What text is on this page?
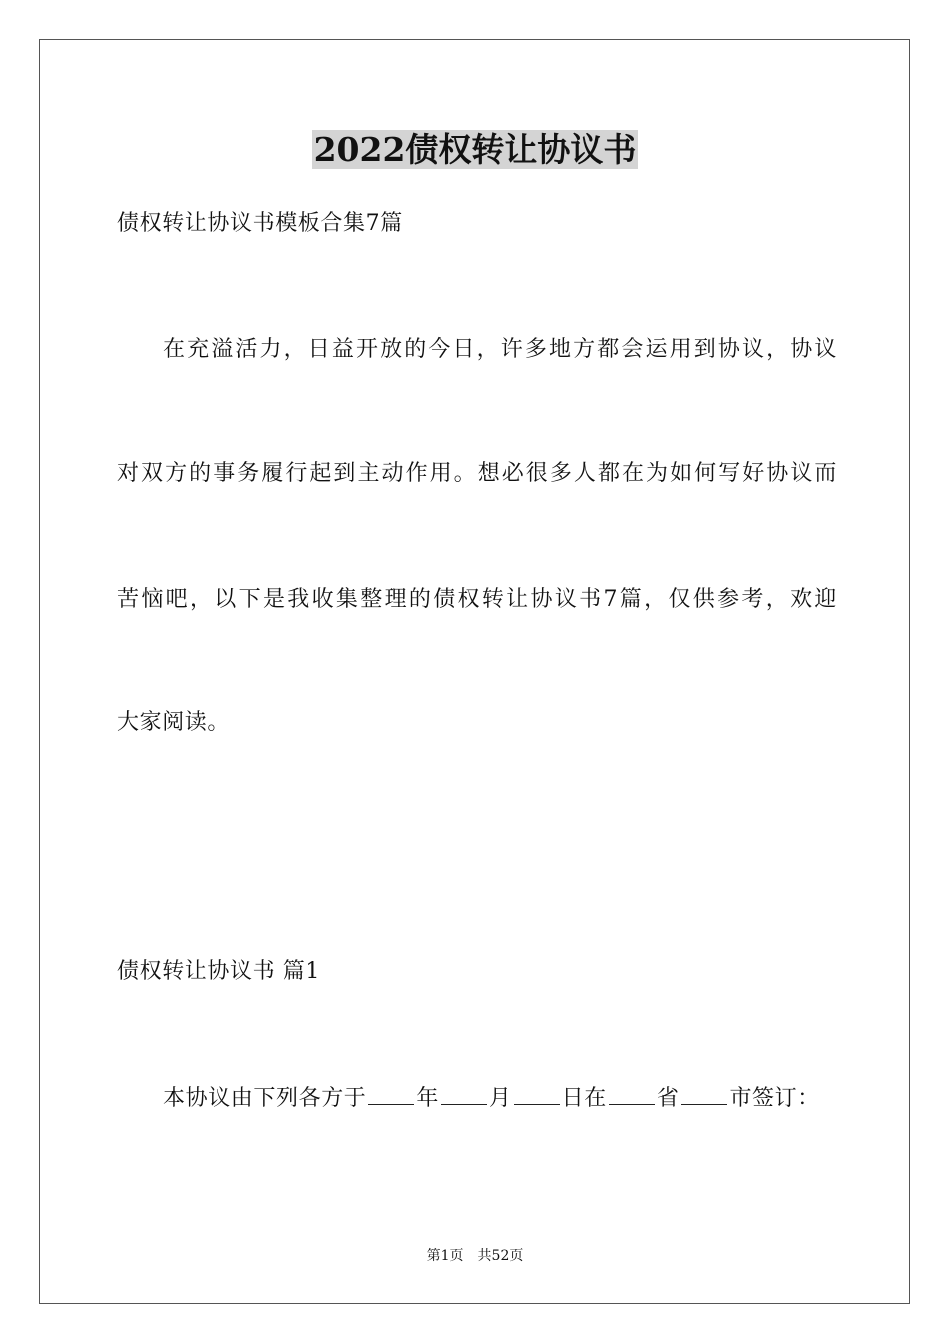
2022债权转让协议书
债权转让协议书模板合集7篇
在充溢活力，日益开放的今日，许多地方都会运用到协议，协议
对双方的事务履行起到主动作用。想必很多人都在为如何写好协议而
苦恼吧，以下是我收集整理的债权转让协议书7篇，仅供参考，欢迎
大家阅读。
债权转让协议书 篇1
本协议由下列各方于 年 月 日在 省 市签订：
第1页 共52页
